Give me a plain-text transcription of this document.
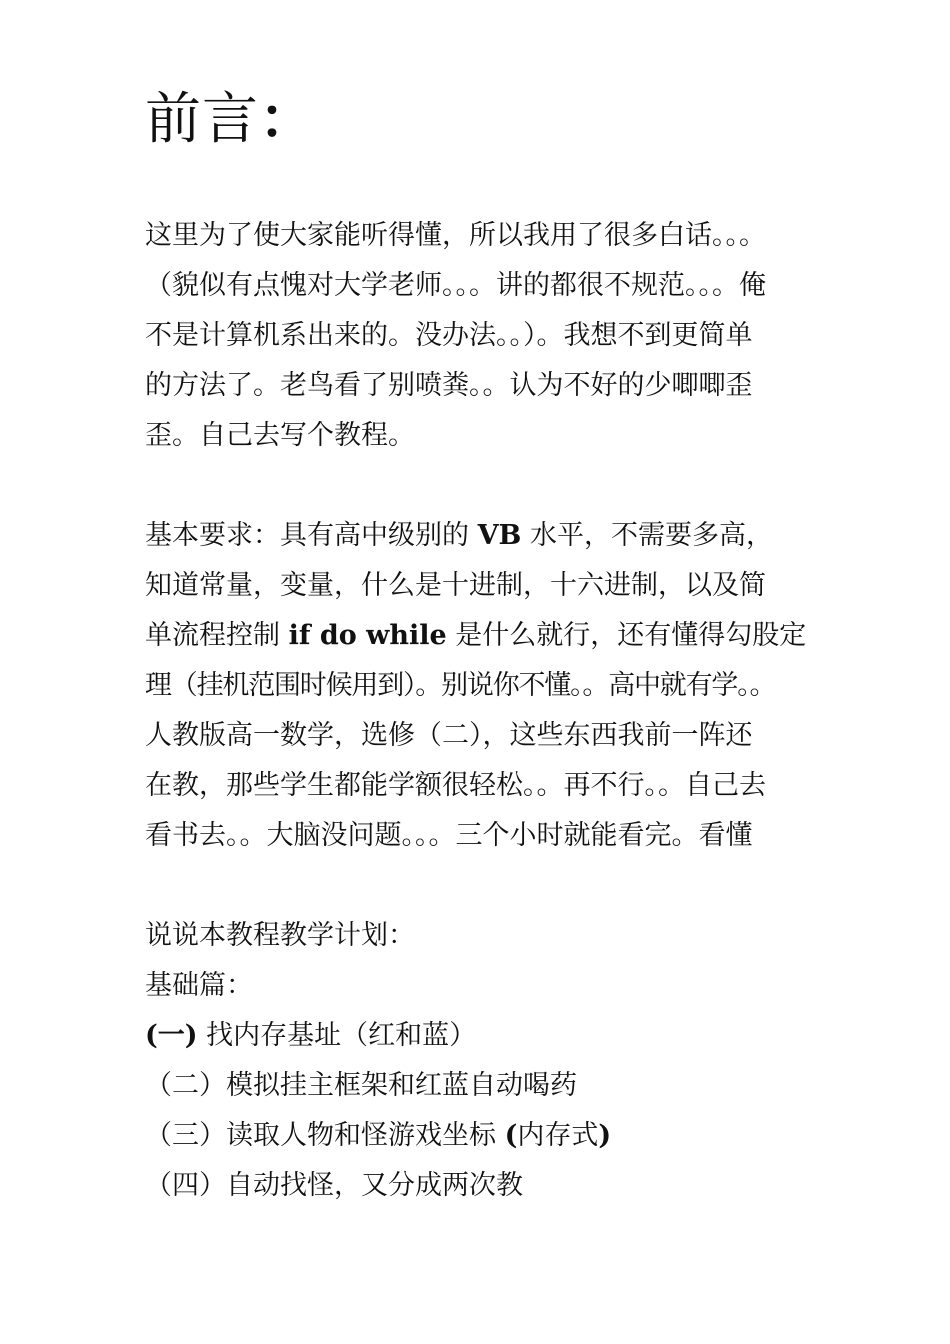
前言：

这里为了使大家能听得懂，所以我用了很多白话。。。

（貌似有点愧对大学老师。。。讲的都很不规范。。。俺

不是计算机系出来的。没办法。。）。我想不到更简单

的方法了。老鸟看了别喷粪。。认为不好的少唧唧歪

歪。自己去写个教程。

基本要求：具有高中级别的 VB 水平，不需要多高，

知道常量，变量，什么是十进制，十六进制，以及简

单流程控制 if do while 是什么就行，还有懂得勾股定

理（挂机范围时候用到）。别说你不懂。。高中就有学。。

人教版高一数学，选修（二），这些东西我前一阵还

在教，那些学生都能学额很轻松。。再不行。。自己去

看书去。。大脑没问题。。。三个小时就能看完。看懂

说说本教程教学计划：

基础篇：

(一) 找内存基址（红和蓝）

（二）模拟挂主框架和红蓝自动喝药

（三）读取人物和怪游戏坐标 (内存式)

（四）自动找怪，又分成两次教
